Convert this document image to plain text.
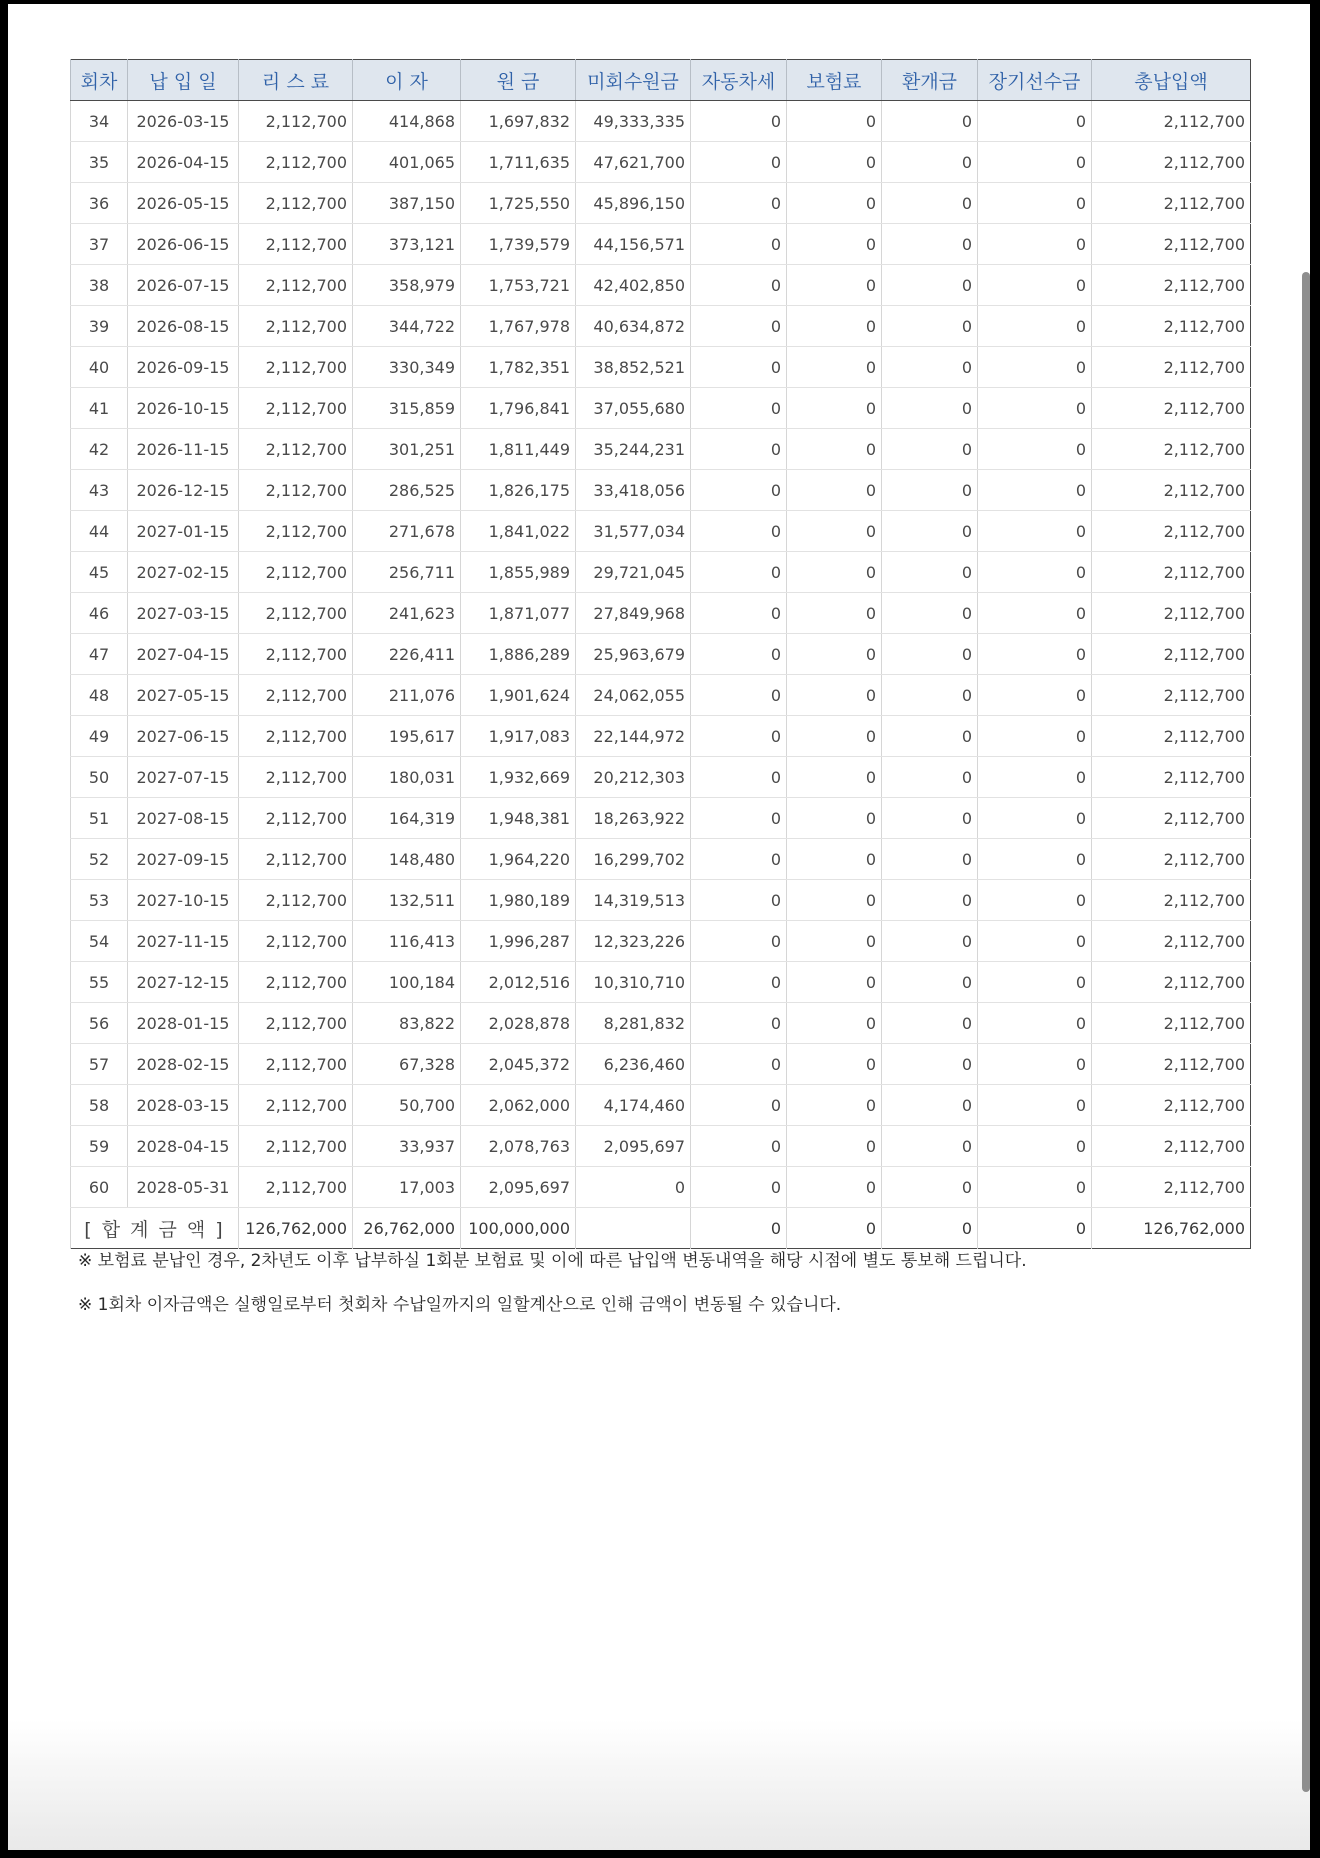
회차	납 입 일	리 스 료	이 자	원 금	미회수원금	자동차세	보험료	환개금	장기선수금	총납입액
34	2026-03-15	2,112,700	414,868	1,697,832	49,333,335	0	0	0	0	2,112,700
35	2026-04-15	2,112,700	401,065	1,711,635	47,621,700	0	0	0	0	2,112,700
36	2026-05-15	2,112,700	387,150	1,725,550	45,896,150	0	0	0	0	2,112,700
37	2026-06-15	2,112,700	373,121	1,739,579	44,156,571	0	0	0	0	2,112,700
38	2026-07-15	2,112,700	358,979	1,753,721	42,402,850	0	0	0	0	2,112,700
39	2026-08-15	2,112,700	344,722	1,767,978	40,634,872	0	0	0	0	2,112,700
40	2026-09-15	2,112,700	330,349	1,782,351	38,852,521	0	0	0	0	2,112,700
41	2026-10-15	2,112,700	315,859	1,796,841	37,055,680	0	0	0	0	2,112,700
42	2026-11-15	2,112,700	301,251	1,811,449	35,244,231	0	0	0	0	2,112,700
43	2026-12-15	2,112,700	286,525	1,826,175	33,418,056	0	0	0	0	2,112,700
44	2027-01-15	2,112,700	271,678	1,841,022	31,577,034	0	0	0	0	2,112,700
45	2027-02-15	2,112,700	256,711	1,855,989	29,721,045	0	0	0	0	2,112,700
46	2027-03-15	2,112,700	241,623	1,871,077	27,849,968	0	0	0	0	2,112,700
47	2027-04-15	2,112,700	226,411	1,886,289	25,963,679	0	0	0	0	2,112,700
48	2027-05-15	2,112,700	211,076	1,901,624	24,062,055	0	0	0	0	2,112,700
49	2027-06-15	2,112,700	195,617	1,917,083	22,144,972	0	0	0	0	2,112,700
50	2027-07-15	2,112,700	180,031	1,932,669	20,212,303	0	0	0	0	2,112,700
51	2027-08-15	2,112,700	164,319	1,948,381	18,263,922	0	0	0	0	2,112,700
52	2027-09-15	2,112,700	148,480	1,964,220	16,299,702	0	0	0	0	2,112,700
53	2027-10-15	2,112,700	132,511	1,980,189	14,319,513	0	0	0	0	2,112,700
54	2027-11-15	2,112,700	116,413	1,996,287	12,323,226	0	0	0	0	2,112,700
55	2027-12-15	2,112,700	100,184	2,012,516	10,310,710	0	0	0	0	2,112,700
56	2028-01-15	2,112,700	83,822	2,028,878	8,281,832	0	0	0	0	2,112,700
57	2028-02-15	2,112,700	67,328	2,045,372	6,236,460	0	0	0	0	2,112,700
58	2028-03-15	2,112,700	50,700	2,062,000	4,174,460	0	0	0	0	2,112,700
59	2028-04-15	2,112,700	33,937	2,078,763	2,095,697	0	0	0	0	2,112,700
60	2028-05-31	2,112,700	17,003	2,095,697	0	0	0	0	0	2,112,700
[ 합 계 금 액 ]		126,762,000	26,762,000	100,000,000		0	0	0	0	126,762,000

※ 보험료 분납인 경우, 2차년도 이후 납부하실 1회분 보험료 및 이에 따른 납입액 변동내역을 해당 시점에 별도 통보해 드립니다.

※ 1회차 이자금액은 실행일로부터 첫회차 수납일까지의 일할계산으로 인해 금액이 변동될 수 있습니다.
